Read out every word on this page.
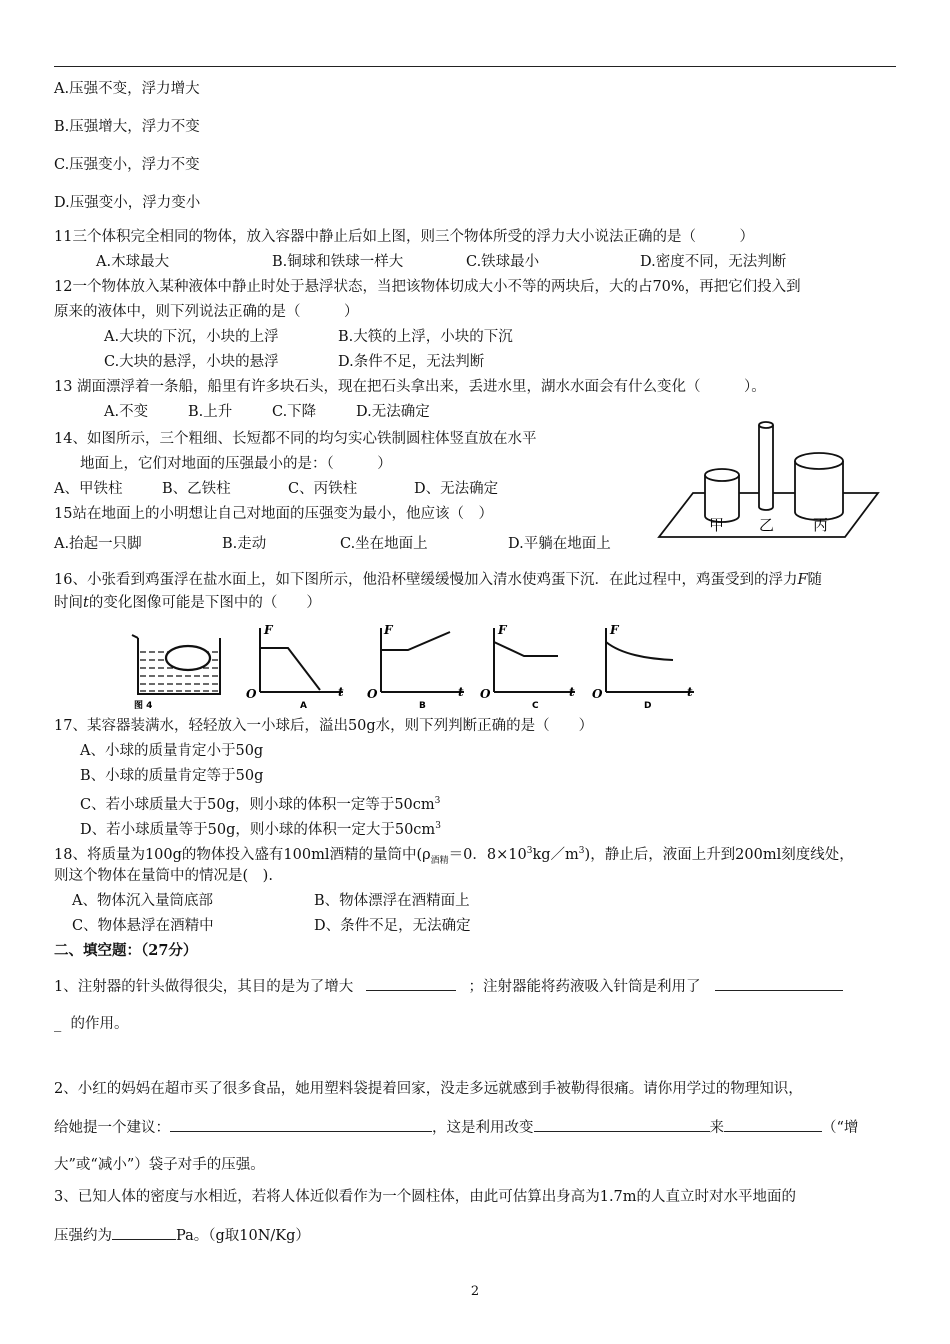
A.压强不变，浮力增大
B.压强增大，浮力不变
C.压强变小，浮力不变
D.压强变小，浮力变小
11三个体积完全相同的物体，放入容器中静止后如上图，则三个物体所受的浮力大小说法正确的是（　　　）
A.木球最大	B.铜球和铁球一样大	C.铁球最小	D.密度不同，无法判断
12一个物体放入某种液体中静止时处于悬浮状态，当把该物体切成大小不等的两块后，大的占70%，再把它们投入到
原来的液体中，则下列说法正确的是（　　　）
A.大块的下沉，小块的上浮	B.大筷的上浮，小块的下沉
C.大块的悬浮，小块的悬浮	D.条件不足，无法判断
13 湖面漂浮着一条船，船里有许多块石头，现在把石头拿出来，丢进水里，湖水水面会有什么变化（　　　）。
A.不变	B.上升	C.下降	D.无法确定
14、如图所示，三个粗细、长短都不同的均匀实心铁制圆柱体竖直放在水平
地面上，它们对地面的压强最小的是：（　　　）
A、甲铁柱	B、乙铁柱	C、丙铁柱	D、无法确定
甲 乙	丙
15站在地面上的小明想让自己对地面的压强变为最小，他应该（　）
A.抬起一只脚	B.走动	C.坐在地面上	D.平躺在地面上
16、小张看到鸡蛋浮在盐水面上，如下图所示，他沿杯壁缓缓慢加入清水使鸡蛋下沉．在此过程中，鸡蛋受到的浮力F随
时间t的变化图像可能是下图中的（　　）
图 4
F	F	F	F
t	t	t	t
O	O	O	O
A	B	C	D
17、某容器装满水，轻轻放入一小球后，溢出50g水，则下列判断正确的是（　　）
A、小球的质量肯定小于50g
B、小球的质量肯定等于50g
C、若小球质量大于50g，则小球的体积一定等于$50cm^3$
D、若小球质量等于50g，则小球的体积一定大于$50cm^3$
18、将质量为100g的物体投入盛有100ml酒精的量筒中($\rho_{酒精}=0$．$8\times 10^3kg/m^3$)，静止后，液面上升到200ml刻度线处，
则这个物体在量筒中的情况是(　).
A、物体沉入量筒底部	B、物体漂浮在酒精面上
C、物体悬浮在酒精中	D、条件不足，无法确定
二、填空题：（27分）
1、注射器的针头做得很尖，其目的是为了增大	；注射器能将药液吸入针筒是利用了
_ 的作用。
2、小红的妈妈在超市买了很多食品，她用塑料袋提着回家，没走多远就感到手被勒得很痛。请你用学过的物理知识，
给她提一个建议：	，这是利用改变	来	（“增
大”或“减小”）袋子对手的压强。
3、已知人体的密度与水相近，若将人体近似看作为一个圆柱体，由此可估算出身高为1.7m的人直立时对水平地面的
压强约为	Pa。（g取10N/Kg）
2
